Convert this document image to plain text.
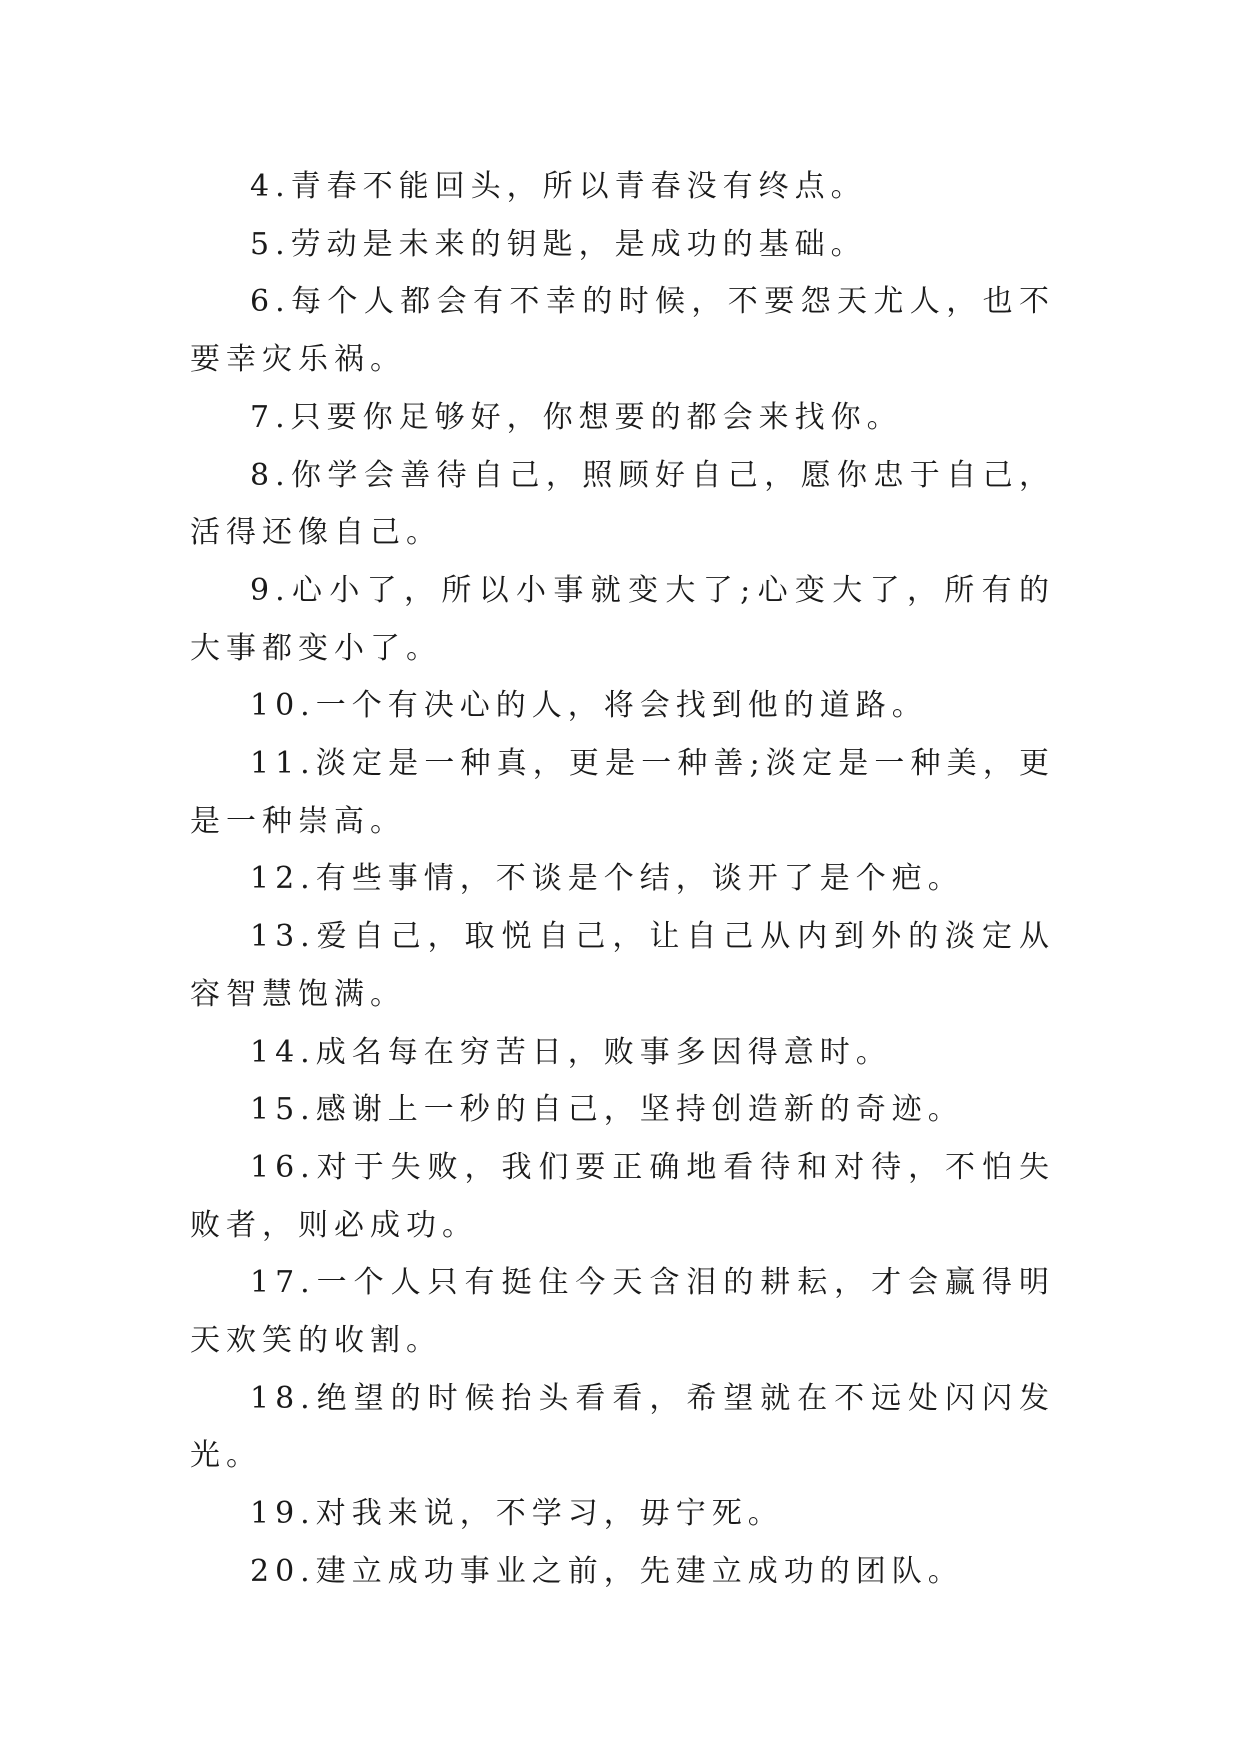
4.青春不能回头，所以青春没有终点。

5.劳动是未来的钥匙，是成功的基础。

6.每个人都会有不幸的时候，不要怨天尤人，也不要幸灾乐祸。

7.只要你足够好，你想要的都会来找你。

8.你学会善待自己，照顾好自己，愿你忠于自己，活得还像自己。

9.心小了，所以小事就变大了;心变大了，所有的大事都变小了。

10.一个有决心的人，将会找到他的道路。

11.淡定是一种真，更是一种善;淡定是一种美，更是一种崇高。

12.有些事情，不谈是个结，谈开了是个疤。

13.爱自己，取悦自己，让自己从内到外的淡定从容智慧饱满。

14.成名每在穷苦日，败事多因得意时。

15.感谢上一秒的自己，坚持创造新的奇迹。

16.对于失败，我们要正确地看待和对待，不怕失败者，则必成功。

17.一个人只有挺住今天含泪的耕耘，才会赢得明天欢笑的收割。

18.绝望的时候抬头看看，希望就在不远处闪闪发光。

19.对我来说，不学习，毋宁死。

20.建立成功事业之前，先建立成功的团队。
